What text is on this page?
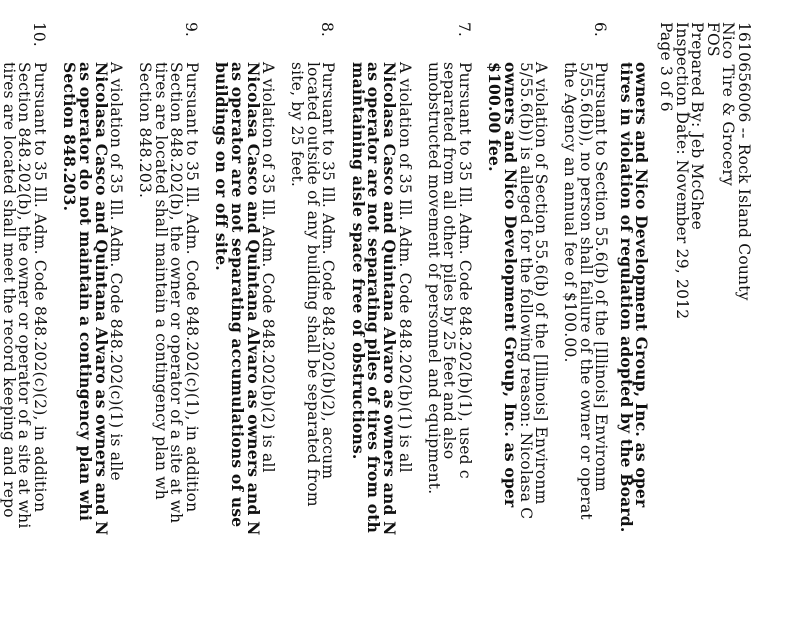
1610656006 -- Rock Island County
Nico Tire & Grocery
FOS
Prepared By: Jeb McGhee
Inspection Date: November 29, 2012
Page 3 of 6
owners and Nico Development Group, Inc. as oper
tires in violation of regulation adopted by the Board.
6.
Pursuant to Section 55.6(b) of the [Illinois] Environm
5/55.6(b)), no person shall failure of the owner or operat
the Agency an annual fee of $100.00.
A violation of Section 55.6(b) of the [Illinois] Environm
5/55.6(b)) is alleged for the following reason: Nicolasa C
owners and Nico Development Group, Inc. as oper
$100.00 fee.
7.
Pursuant to 35 Ill. Adm. Code 848.202(b)(1), used c
separated from all other piles by 25 feet and also
unobstructed movement of personnel and equipment.
A violation of 35 Ill. Adm. Code 848.202(b)(1) is all
Nicolasa Casco and Quintana Alvaro as owners and N
as operator are not separating piles of tires from oth
maintaining aisle space free of obstructions.
8.
Pursuant to 35 Ill. Adm. Code 848.202(b)(2), accum
located outside of any building shall be separated from
site, by 25 feet.
A violation of 35 Ill. Adm. Code 848.202(b)(2) is all
Nicolasa Casco and Quintana Alvaro as owners and N
as operator are not separating accumulations of use
buildings on or off site.
9.
Pursuant to 35 Ill. Adm. Code 848.202(c)(1), in addition
Section 848.202(b), the owner or operator of a site at wh
tires are located shall maintain a contingency plan wh
Section 848.203.
A violation of 35 Ill. Adm. Code 848.202(c)(1) is alle
Nicolasa Casco and Quintana Alvaro as owners and N
as operator do not maintain a contingency plan whi
Section 848.203.
10.
Pursuant to 35 Ill. Adm. Code 848.202(c)(2), in addition
Section 848.202(b), the owner or operator of a site at whi
tires are located shall meet the record keeping and repo
